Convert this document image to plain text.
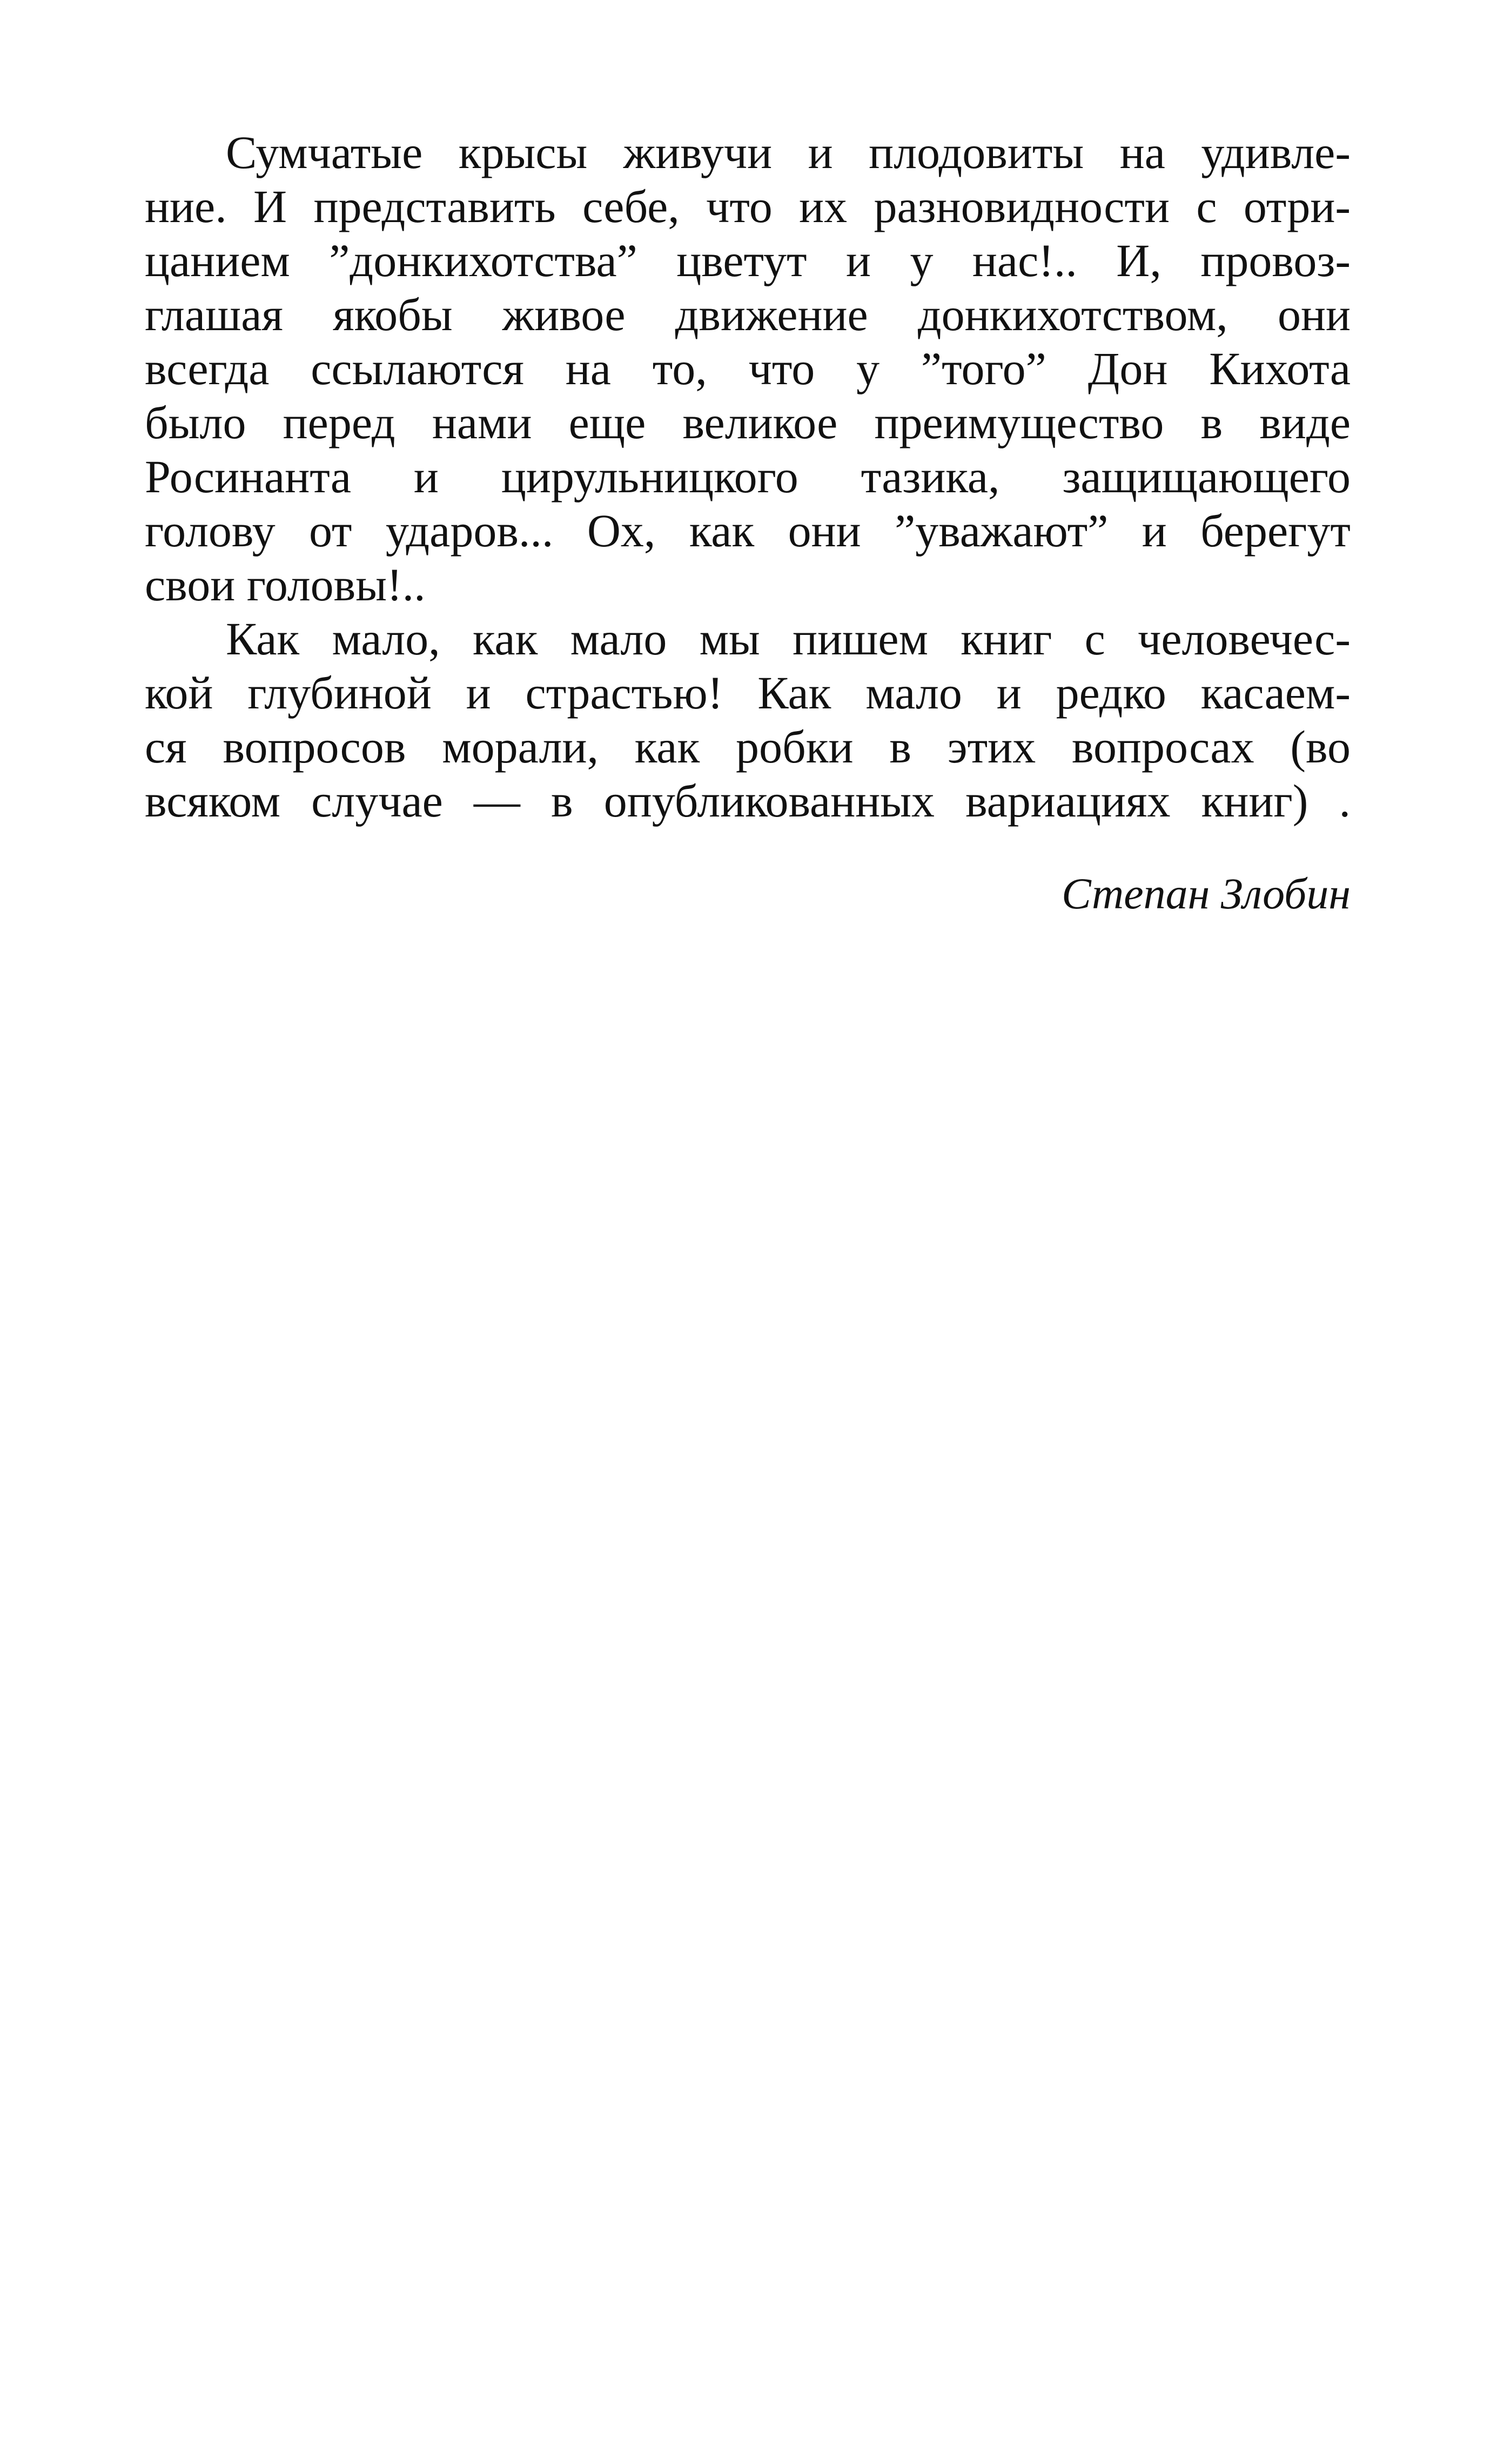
Сумчатые крысы живучи и плодовиты на удивле-
ние. И представить себе, что их разновидности с отри-
цанием ”донкихотства” цветут и у нас!.. И, провоз-
глашая якобы живое движение донкихотством, они
всегда ссылаются на то, что у ”того” Дон Кихота
было перед нами еще великое преимущество в виде
Росинанта и цирульницкого тазика, защищающего
голову от ударов... Ох, как они ”уважают” и берегут
свои головы!..
Как мало, как мало мы пишем книг с человечес-
кой глубиной и страстью! Как мало и редко касаем-
ся вопросов морали, как робки в этих вопросах (во
всяком случае — в опубликованных вариациях книг) .
Степан Злобин
